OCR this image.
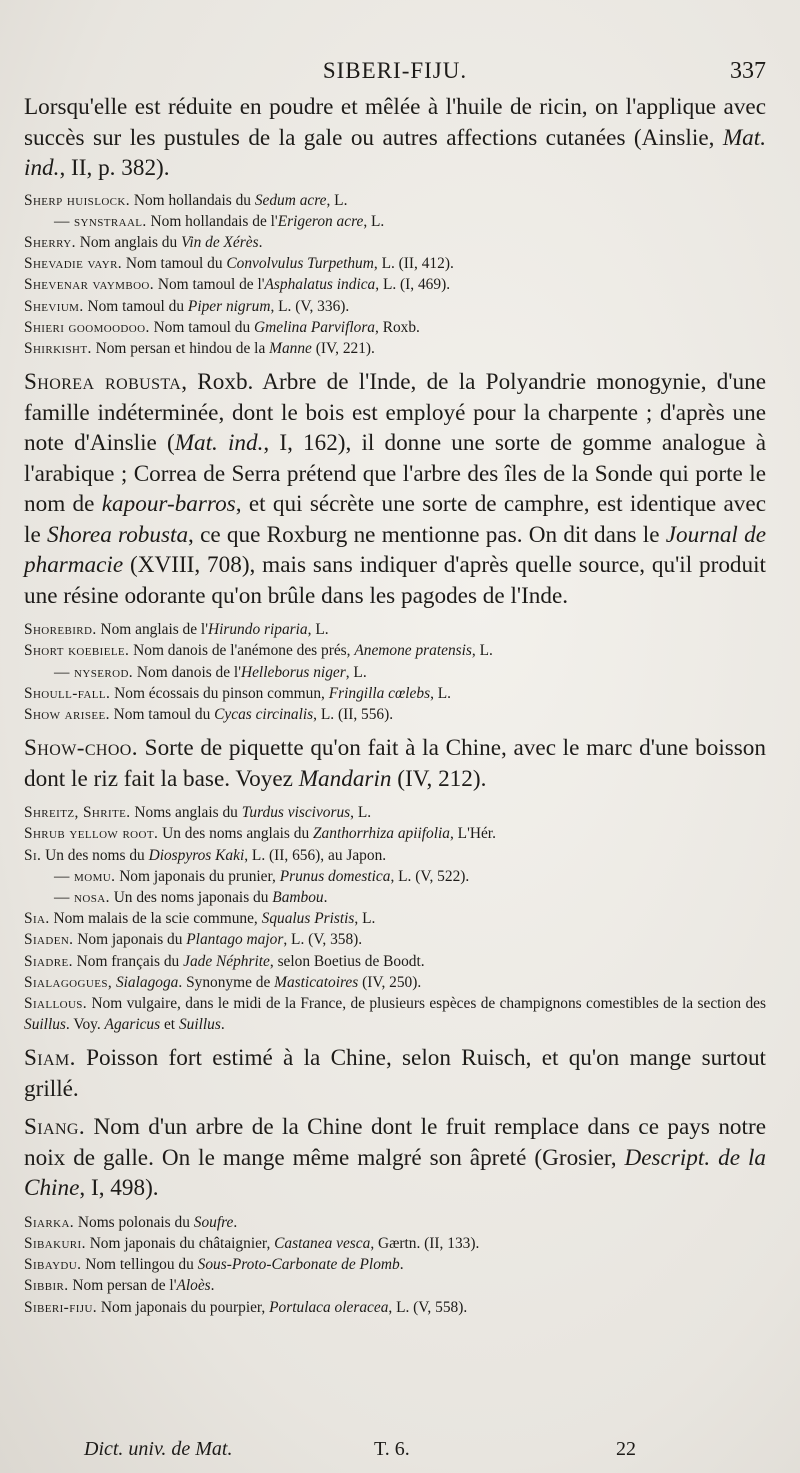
SIBERI-FIJU.	337

Lorsqu'elle est réduite en poudre et mêlée à l'huile de ricin, on l'applique avec succès sur les pustules de la gale ou autres affections cutanées (Ainslie, Mat. ind., II, p. 382).

Sherp huislock. Nom hollandais du Sedum acre, L.

— synstraal. Nom hollandais de l'Erigeron acre, L.

Sherry. Nom anglais du Vin de Xérès.

Shevadie vayr. Nom tamoul du Convolvulus Turpethum, L. (II, 412).

Shevenar vaymboo. Nom tamoul de l'Asphalatus indica, L. (I, 469).

Shevium. Nom tamoul du Piper nigrum, L. (V, 336).

Shieri goomoodoo. Nom tamoul du Gmelina Parviflora, Roxb.

Shirkisht. Nom persan et hindou de la Manne (IV, 221).

Shorea robusta, Roxb. Arbre de l'Inde, de la Polyandrie monogynie, d'une famille indéterminée, dont le bois est employé pour la charpente ; d'après une note d'Ainslie (Mat. ind., I, 162), il donne une sorte de gomme analogue à l'arabique ; Correa de Serra prétend que l'arbre des îles de la Sonde qui porte le nom de kapour-barros, et qui sécrète une sorte de camphre, est identique avec le Shorea robusta, ce que Roxburg ne mentionne pas. On dit dans le Journal de pharmacie (XVIII, 708), mais sans indiquer d'après quelle source, qu'il produit une résine odorante qu'on brûle dans les pagodes de l'Inde.

Shorebird. Nom anglais de l'Hirundo riparia, L.

Short koebiele. Nom danois de l'anémone des prés, Anemone pratensis, L.

— nyserod. Nom danois de l'Helleborus niger, L.

Shoull-fall. Nom écossais du pinson commun, Fringilla cœlebs, L.

Show arisee. Nom tamoul du Cycas circinalis, L. (II, 556).

Show-choo. Sorte de piquette qu'on fait à la Chine, avec le marc d'une boisson dont le riz fait la base. Voyez Mandarin (IV, 212).

Shreitz, Shrite. Noms anglais du Turdus viscivorus, L.

Shrub yellow root. Un des noms anglais du Zanthorrhiza apiifolia, L'Hér.

Si. Un des noms du Diospyros Kaki, L. (II, 656), au Japon.

— momu. Nom japonais du prunier, Prunus domestica, L. (V, 522).

— nosa. Un des noms japonais du Bambou.

Sia. Nom malais de la scie commune, Squalus Pristis, L.

Siaden. Nom japonais du Plantago major, L. (V, 358).

Siadre. Nom français du Jade Néphrite, selon Boetius de Boodt.

Sialagogues, Sialagoga. Synonyme de Masticatoires (IV, 250).

Siallous. Nom vulgaire, dans le midi de la France, de plusieurs espèces de champignons comestibles de la section des Suillus. Voy. Agaricus et Suillus.

Siam. Poisson fort estimé à la Chine, selon Ruisch, et qu'on mange surtout grillé.

Siang. Nom d'un arbre de la Chine dont le fruit remplace dans ce pays notre noix de galle. On le mange même malgré son âpreté (Grosier, Descript. de la Chine, I, 498).

Siarka. Noms polonais du Soufre.

Sibakuri. Nom japonais du châtaignier, Castanea vesca, Gærtn. (II, 133).

Sibaydu. Nom tellingou du Sous-Proto-Carbonate de Plomb.

Sibbir. Nom persan de l'Aloès.

Siberi-fiju. Nom japonais du pourpier, Portulaca oleracea, L. (V, 558).

Dict. univ. de Mat.	T. 6.	22
